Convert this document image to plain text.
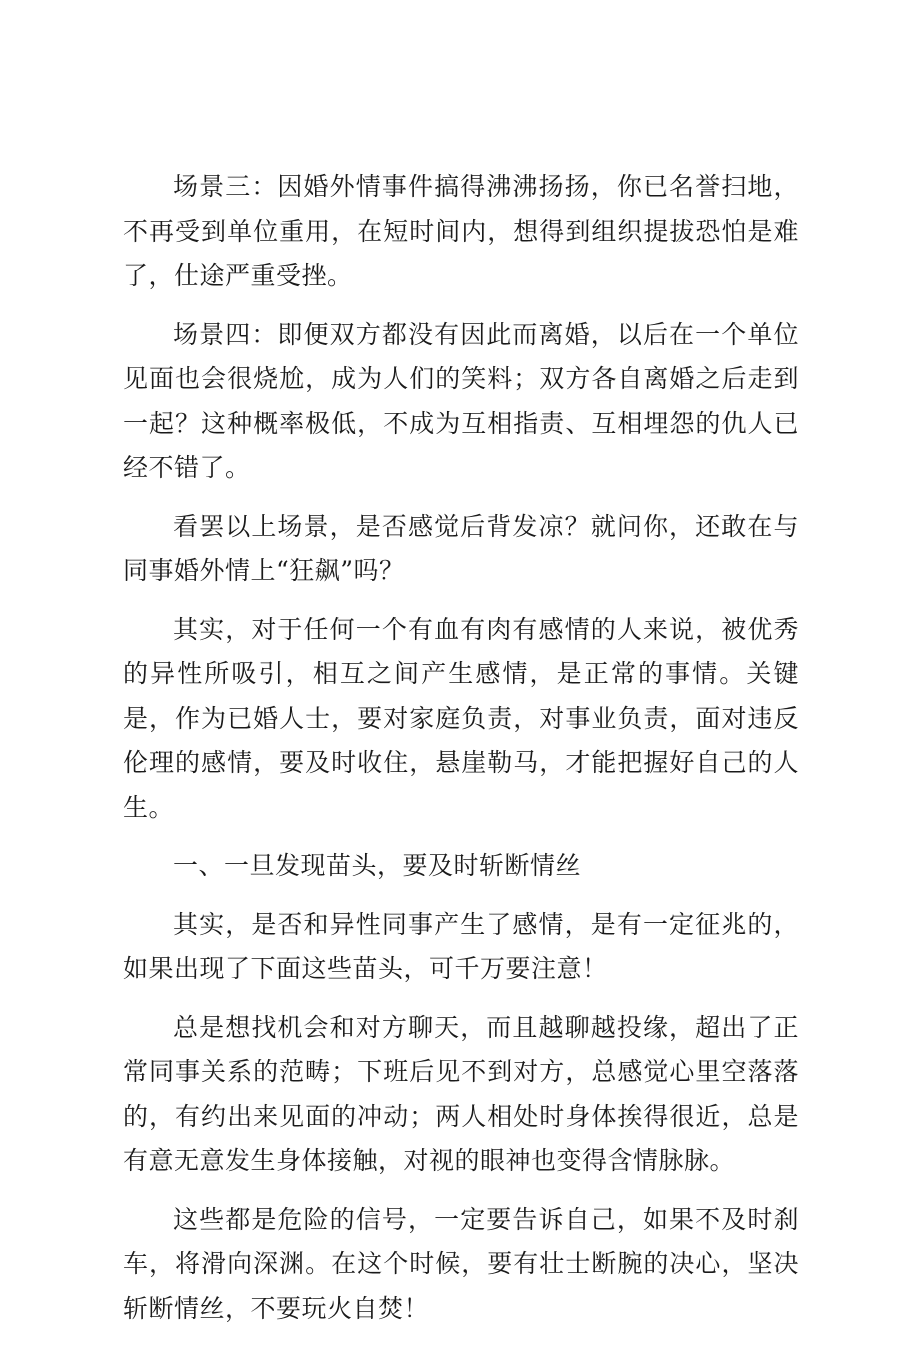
场景三：因婚外情事件搞得沸沸扬扬，你已名誉扫地，不再受到单位重用，在短时间内，想得到组织提拔恐怕是难了，仕途严重受挫。

场景四：即便双方都没有因此而离婚，以后在一个单位见面也会很烧尬，成为人们的笑料；双方各自离婚之后走到一起？这种概率极低，不成为互相指责、互相埋怨的仇人已经不错了。

看罢以上场景，是否感觉后背发凉？就问你，还敢在与同事婚外情上“狂飙”吗？

其实，对于任何一个有血有肉有感情的人来说，被优秀的异性所吸引，相互之间产生感情，是正常的事情。关键是，作为已婚人士，要对家庭负责，对事业负责，面对违反伦理的感情，要及时收住，悬崖勒马，才能把握好自己的人生。

一、一旦发现苗头，要及时斩断情丝

其实，是否和异性同事产生了感情，是有一定征兆的，如果出现了下面这些苗头，可千万要注意！

总是想找机会和对方聊天，而且越聊越投缘，超出了正常同事关系的范畴；下班后见不到对方，总感觉心里空落落的，有约出来见面的冲动；两人相处时身体挨得很近，总是有意无意发生身体接触，对视的眼神也变得含情脉脉。

这些都是危险的信号，一定要告诉自己，如果不及时刹车，将滑向深渊。在这个时候，要有壮士断腕的决心，坚决斩断情丝，不要玩火自焚！
